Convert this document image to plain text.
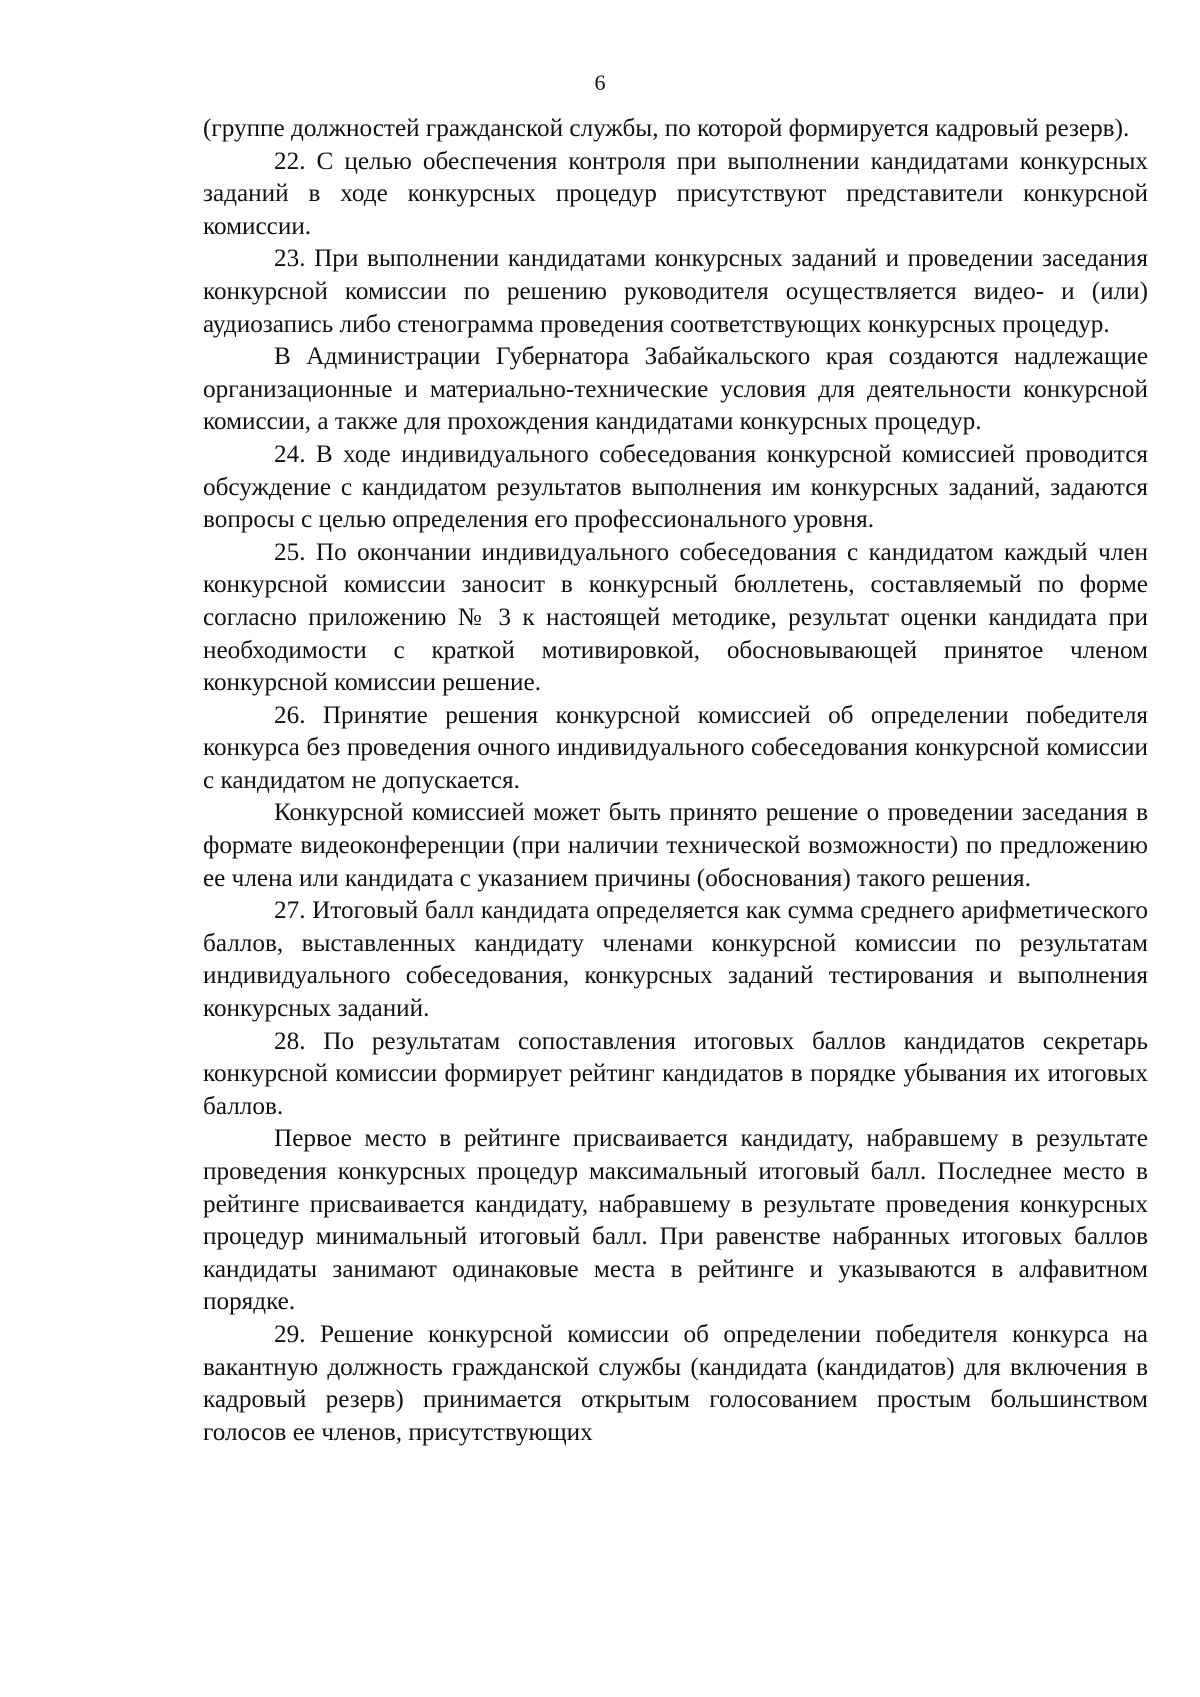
6

(группе должностей гражданской службы, по которой формируется кадровый резерв).

22. С целью обеспечения контроля при выполнении кандидатами конкурсных заданий в ходе конкурсных процедур присутствуют представители конкурсной комиссии.

23. При выполнении кандидатами конкурсных заданий и проведении заседания конкурсной комиссии по решению руководителя осуществляется видео- и (или) аудиозапись либо стенограмма проведения соответствующих конкурсных процедур.

В Администрации Губернатора Забайкальского края создаются надлежащие организационные и материально-технические условия для деятельности конкурсной комиссии, а также для прохождения кандидатами конкурсных процедур.

24. В ходе индивидуального собеседования конкурсной комиссией проводится обсуждение с кандидатом результатов выполнения им конкурсных заданий, задаются вопросы с целью определения его профессионального уровня.

25. По окончании индивидуального собеседования с кандидатом каждый член конкурсной комиссии заносит в конкурсный бюллетень, составляемый по форме согласно приложению № 3 к настоящей методике, результат оценки кандидата при необходимости с краткой мотивировкой, обосновывающей принятое членом конкурсной комиссии решение.

26. Принятие решения конкурсной комиссией об определении победителя конкурса без проведения очного индивидуального собеседования конкурсной комиссии с кандидатом не допускается.

Конкурсной комиссией может быть принято решение о проведении заседания в формате видеоконференции (при наличии технической возможности) по предложению ее члена или кандидата с указанием причины (обоснования) такого решения.

27. Итоговый балл кандидата определяется как сумма среднего арифметического баллов, выставленных кандидату членами конкурсной комиссии по результатам индивидуального собеседования, конкурсных заданий тестирования и выполнения конкурсных заданий.

28. По результатам сопоставления итоговых баллов кандидатов секретарь конкурсной комиссии формирует рейтинг кандидатов в порядке убывания их итоговых баллов.

Первое место в рейтинге присваивается кандидату, набравшему в результате проведения конкурсных процедур максимальный итоговый балл. Последнее место в рейтинге присваивается кандидату, набравшему в результате проведения конкурсных процедур минимальный итоговый балл. При равенстве набранных итоговых баллов кандидаты занимают одинаковые места в рейтинге и указываются в алфавитном порядке.

29. Решение конкурсной комиссии об определении победителя конкурса на вакантную должность гражданской службы (кандидата (кандидатов) для включения в кадровый резерв) принимается открытым голосованием простым большинством голосов ее членов, присутствующих
